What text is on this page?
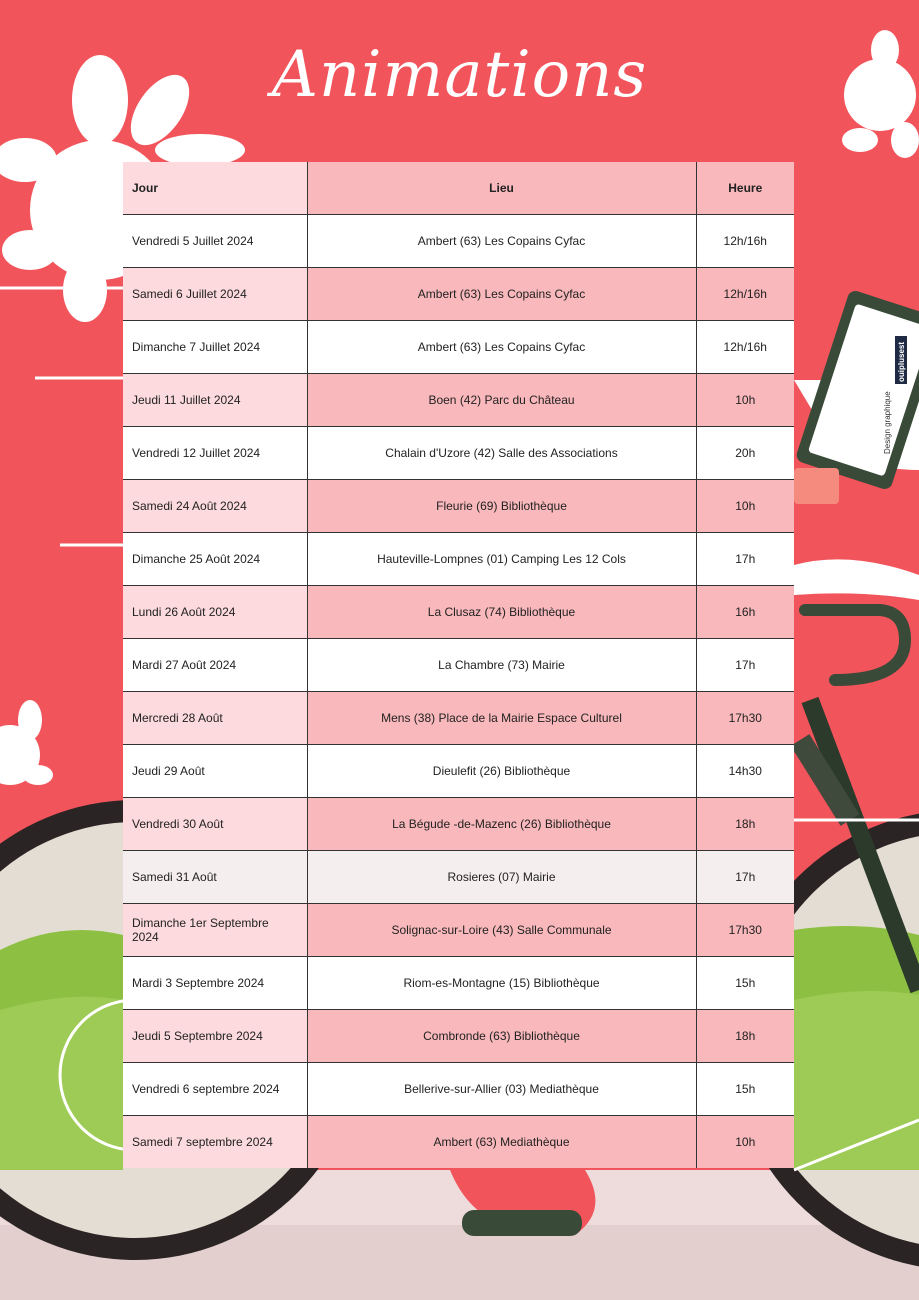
Animations
Jour	Lieu	Heure
Vendredi 5 Juillet 2024	Ambert (63) Les Copains Cyfac	12h/16h
Samedi 6 Juillet 2024	Ambert (63) Les Copains Cyfac	12h/16h
Dimanche 7 Juillet 2024	Ambert (63) Les Copains Cyfac	12h/16h
Jeudi 11 Juillet 2024	Boen (42) Parc du Château	10h
Vendredi 12 Juillet 2024	Chalain d'Uzore (42) Salle des Associations	20h
Samedi 24 Août 2024	Fleurie (69) Bibliothèque	10h
Dimanche 25 Août 2024	Hauteville-Lompnes (01) Camping Les 12 Cols	17h
Lundi 26 Août 2024	La Clusaz (74) Bibliothèque	16h
Mardi 27 Août 2024	La Chambre (73) Mairie	17h
Mercredi 28 Août	Mens (38) Place de la Mairie Espace Culturel	17h30
Jeudi 29 Août	Dieulefit (26) Bibliothèque	14h30
Vendredi 30 Août	La Bégude -de-Mazenc (26) Bibliothèque	18h
Samedi 31 Août	Rosieres (07) Mairie	17h
Dimanche 1er Septembre 2024	Solignac-sur-Loire (43) Salle Communale	17h30
Mardi 3 Septembre 2024	Riom-es-Montagne (15) Bibliothèque	15h
Jeudi 5 Septembre 2024	Combronde (63) Bibliothèque	18h
Vendredi 6 septembre 2024	Bellerive-sur-Allier (03) Mediathèque	15h
Samedi 7 septembre 2024	Ambert (63) Mediathèque	10h
ouiplusest
Design graphique
